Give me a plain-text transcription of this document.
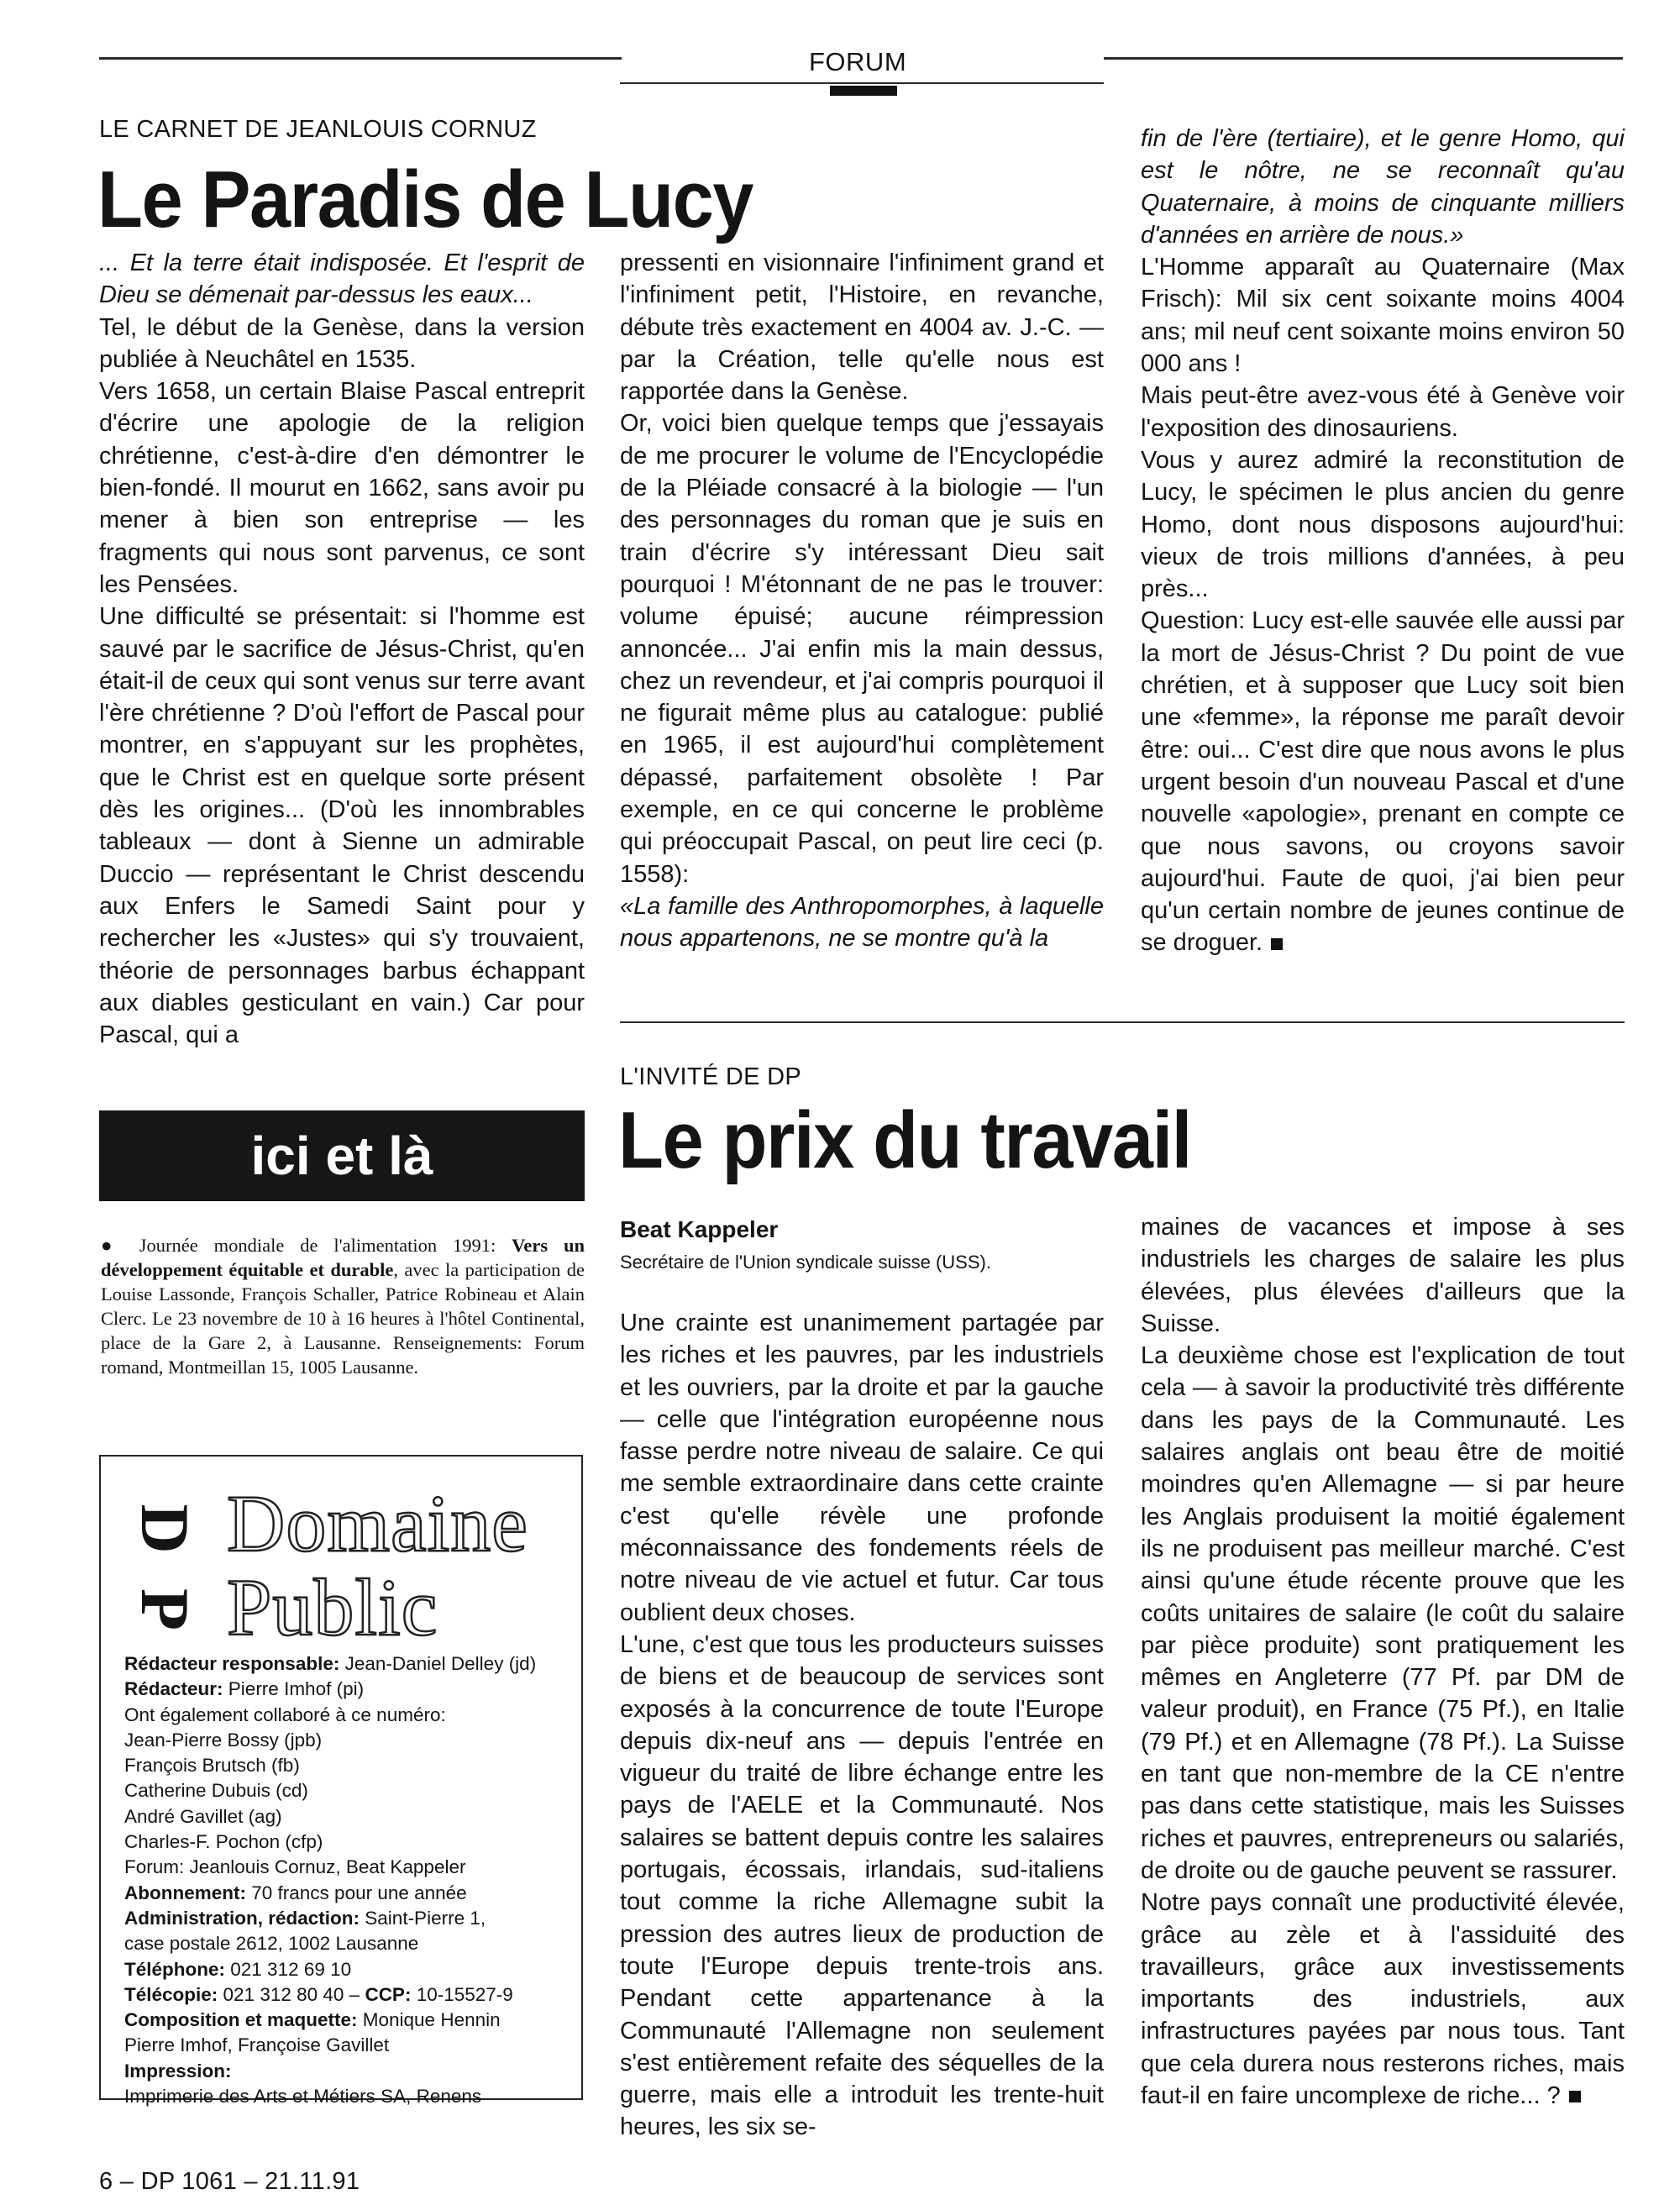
FORUM
LE CARNET DE JEANLOUIS CORNUZ
Le Paradis de Lucy

... Et la terre était indisposée. Et l'esprit de Dieu se démenait par-dessus les eaux...

Tel, le début de la Genèse, dans la version publiée à Neuchâtel en 1535.

Vers 1658, un certain Blaise Pascal entreprit d'écrire une apologie de la religion chrétienne, c'est-à-dire d'en démontrer le bien-fondé. Il mourut en 1662, sans avoir pu mener à bien son entreprise — les fragments qui nous sont parvenus, ce sont les Pensées.

Une difficulté se présentait: si l'homme est sauvé par le sacrifice de Jésus-Christ, qu'en était-il de ceux qui sont venus sur terre avant l'ère chrétienne ? D'où l'effort de Pascal pour montrer, en s'appuyant sur les prophètes, que le Christ est en quelque sorte présent dès les origines... (D'où les innombrables tableaux — dont à Sienne un admirable Duccio — représentant le Christ descendu aux Enfers le Samedi Saint pour y rechercher les «Justes» qui s'y trouvaient, théorie de personnages barbus échappant aux diables gesticulant en vain.) Car pour Pascal, qui a

pressenti en visionnaire l'infiniment grand et l'infiniment petit, l'Histoire, en revanche, débute très exactement en 4004 av. J.-C. — par la Création, telle qu'elle nous est rapportée dans la Genèse.

Or, voici bien quelque temps que j'essayais de me procurer le volume de l'Encyclopédie de la Pléiade consacré à la biologie — l'un des personnages du roman que je suis en train d'écrire s'y intéressant Dieu sait pourquoi ! M'étonnant de ne pas le trouver: volume épuisé; aucune réimpression annoncée... J'ai enfin mis la main dessus, chez un revendeur, et j'ai compris pourquoi il ne figurait même plus au catalogue: publié en 1965, il est aujourd'hui complètement dépassé, parfaitement obsolète ! Par exemple, en ce qui concerne le problème qui préoccupait Pascal, on peut lire ceci (p. 1558):

«La famille des Anthropomorphes, à laquelle nous appartenons, ne se montre qu'à la

fin de l'ère (tertiaire), et le genre Homo, qui est le nôtre, ne se reconnaît qu'au Quaternaire, à moins de cinquante milliers d'années en arrière de nous.»

L'Homme apparaît au Quaternaire (Max Frisch): Mil six cent soixante moins 4004 ans; mil neuf cent soixante moins environ 50 000 ans !

Mais peut-être avez-vous été à Genève voir l'exposition des dinosauriens.

Vous y aurez admiré la reconstitution de Lucy, le spécimen le plus ancien du genre Homo, dont nous disposons aujourd'hui: vieux de trois millions d'années, à peu près...

Question: Lucy est-elle sauvée elle aussi par la mort de Jésus-Christ ? Du point de vue chrétien, et à supposer que Lucy soit bien une «femme», la réponse me paraît devoir être: oui... C'est dire que nous avons le plus urgent besoin d'un nouveau Pascal et d'une nouvelle «apologie», prenant en compte ce que nous savons, ou croyons savoir aujourd'hui. Faute de quoi, j'ai bien peur qu'un certain nombre de jeunes continue de se droguer.

ici et là
● Journée mondiale de l'alimentation 1991: Vers un développement équitable et durable, avec la participation de Louise Lassonde, François Schaller, Patrice Robineau et Alain Clerc. Le 23 novembre de 10 à 16 heures à l'hôtel Continental, place de la Gare 2, à Lausanne. Renseignements: Forum romand, Montmeillan 15, 1005 Lausanne.
D
P
Domaine
Public
Rédacteur responsable: Jean-Daniel Delley (jd)
Rédacteur: Pierre Imhof (pi)
Ont également collaboré à ce numéro:
Jean-Pierre Bossy (jpb)
François Brutsch (fb)
Catherine Dubuis (cd)
André Gavillet (ag)
Charles-F. Pochon (cfp)
Forum: Jeanlouis Cornuz, Beat Kappeler
Abonnement: 70 francs pour une année
Administration, rédaction: Saint-Pierre 1,
case postale 2612, 1002 Lausanne
Téléphone: 021 312 69 10
Télécopie: 021 312 80 40 – CCP: 10-15527-9
Composition et maquette: Monique Hennin
Pierre Imhof, Françoise Gavillet
Impression:
Imprimerie des Arts et Métiers SA, Renens
L'INVITÉ DE DP
Le prix du travail
Beat Kappeler
Secrétaire de l'Union syndicale suisse (USS).

Une crainte est unanimement partagée par les riches et les pauvres, par les industriels et les ouvriers, par la droite et par la gauche — celle que l'intégration européenne nous fasse perdre notre niveau de salaire. Ce qui me semble extraordinaire dans cette crainte c'est qu'elle révèle une profonde méconnaissance des fondements réels de notre niveau de vie actuel et futur. Car tous oublient deux choses.

L'une, c'est que tous les producteurs suisses de biens et de beaucoup de services sont exposés à la concurrence de toute l'Europe depuis dix-neuf ans — depuis l'entrée en vigueur du traité de libre échange entre les pays de l'AELE et la Communauté. Nos salaires se battent depuis contre les salaires portugais, écossais, irlandais, sud-italiens tout comme la riche Allemagne subit la pression des autres lieux de production de toute l'Europe depuis trente-trois ans. Pendant cette appartenance à la Communauté l'Allemagne non seulement s'est entièrement refaite des séquelles de la guerre, mais elle a introduit les trente-huit heures, les six se-

maines de vacances et impose à ses industriels les charges de salaire les plus élevées, plus élevées d'ailleurs que la Suisse.

La deuxième chose est l'explication de tout cela — à savoir la productivité très différente dans les pays de la Communauté. Les salaires anglais ont beau être de moitié moindres qu'en Allemagne — si par heure les Anglais produisent la moitié également ils ne produisent pas meilleur marché. C'est ainsi qu'une étude récente prouve que les coûts unitaires de salaire (le coût du salaire par pièce produite) sont pratiquement les mêmes en Angleterre (77 Pf. par DM de valeur produit), en France (75 Pf.), en Italie (79 Pf.) et en Allemagne (78 Pf.). La Suisse en tant que non-membre de la CE n'entre pas dans cette statistique, mais les Suisses riches et pauvres, entrepreneurs ou salariés, de droite ou de gauche peuvent se rassurer.

Notre pays connaît une productivité élevée, grâce au zèle et à l'assiduité des travailleurs, grâce aux investissements importants des industriels, aux infrastructures payées par nous tous. Tant que cela durera nous resterons riches, mais faut-il en faire uncomplexe de riche... ?

6 – DP 1061 – 21.11.91
